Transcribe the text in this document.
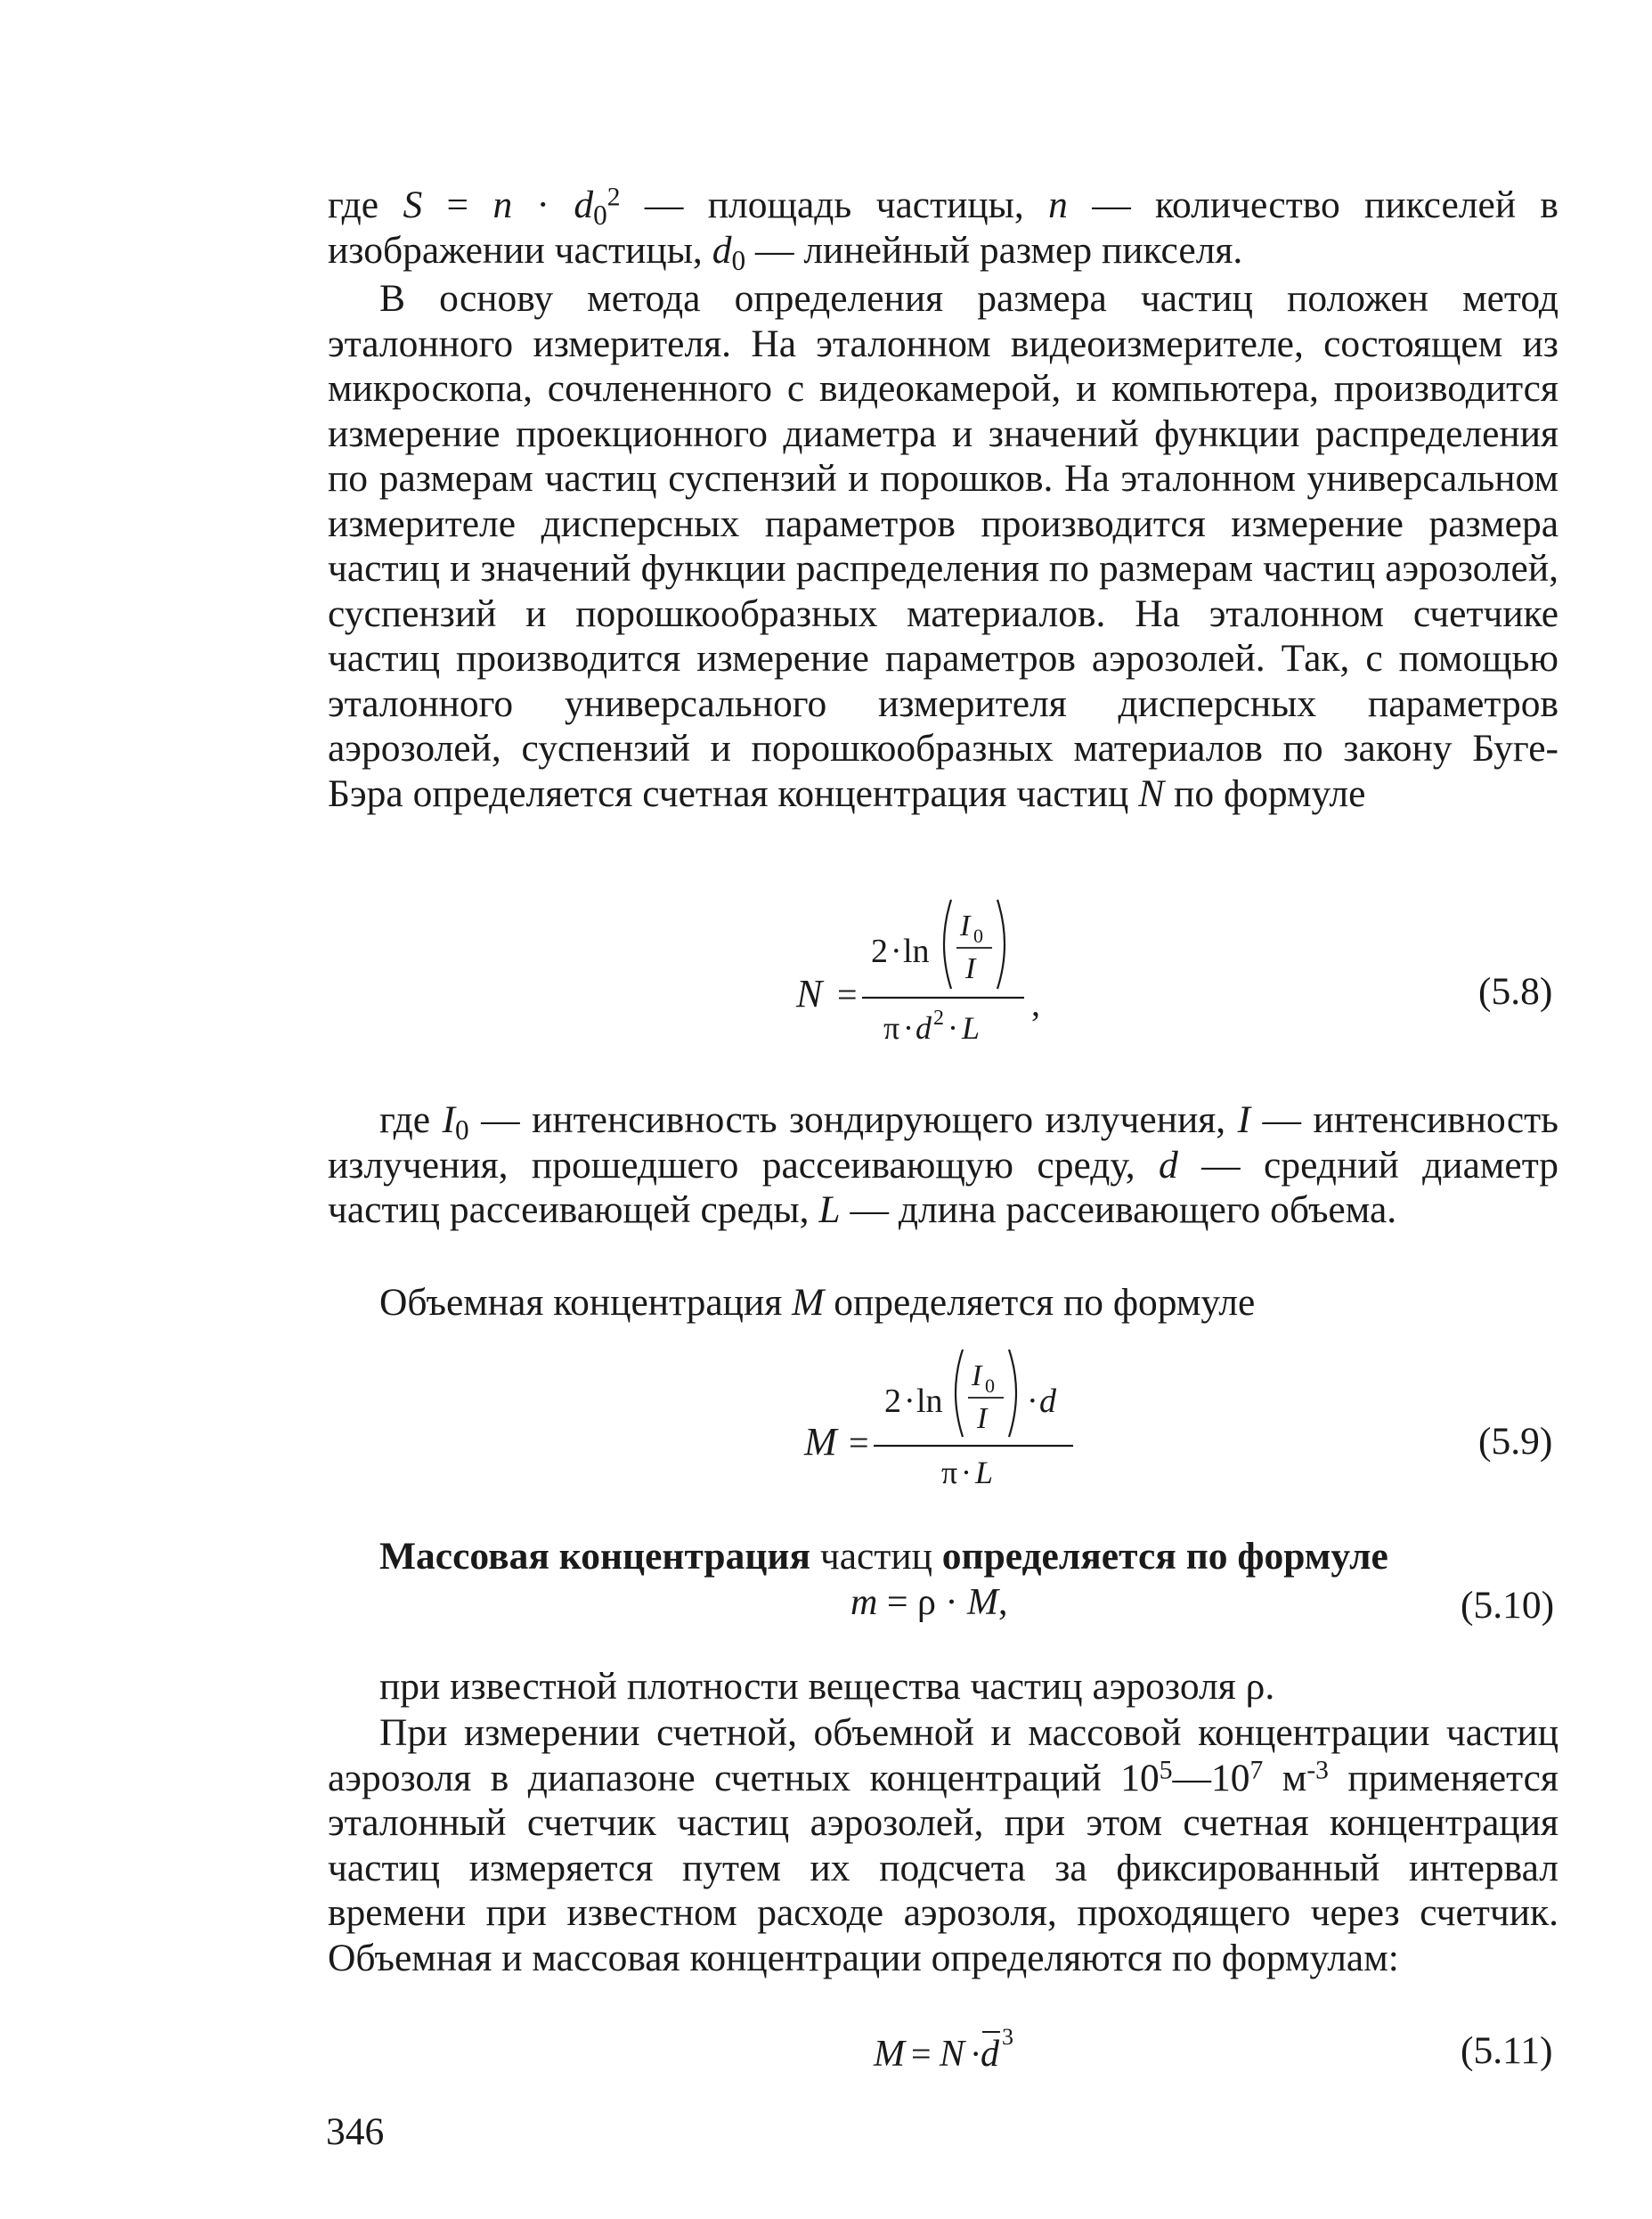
где $S = n \cdot d_0^2$ — площадь частицы, n — количество пикселей в изображении частицы, $d_0$ — линейный размер пикселя.

В основу метода определения размера частиц положен метод эталонного измерителя. На эталонном видеоизмерителе, состоящем из микроскопа, сочлененного с видеокамерой, и компьютера, производится измерение проекционного диаметра и значений функции распределения по размерам частиц суспензий и порошков. На эталонном универсальном измерителе дисперсных параметров производится измерение размера частиц и значений функции распределения по размерам частиц аэрозолей, суспензий и порошкообразных материалов. На эталонном счетчике частиц производится измерение параметров аэрозолей. Так, с помощью эталонного универсального измерителя дисперсных параметров аэрозолей, суспензий и порошкообразных материалов по закону Буге-Бэра определяется счетная концентрация частиц N по формуле

N =
2 · ln
I 0
I
π · d 2 · L
,	(5.8)

где $I_0$ — интенсивность зондирующего излучения, I — интенсивность излучения, прошедшего рассеивающую среду, d — средний диаметр частиц рассеивающей среды, L — длина рассеивающего объема.

Объемная концентрация M определяется по формуле

M =
2 · ln
I 0
I · d
π · L
(5.9)

Массовая концентрация частиц определяется по формуле

m = ρ · M,	(5.10)

при известной плотности вещества частиц аэрозоля ρ.

При измерении счетной, объемной и массовой концентрации частиц аэрозоля в диапазоне счетных концентраций $10^5—10^7$ $м^{-3}$ применяется эталонный счетчик частиц аэрозолей, при этом счетная концентрация частиц измеряется путем их подсчета за фиксированный интервал времени при известном расходе аэрозоля, проходящего через счетчик. Объемная и массовая концентрации определяются по формулам:

M = N ·
d 3	(5.11)
346
